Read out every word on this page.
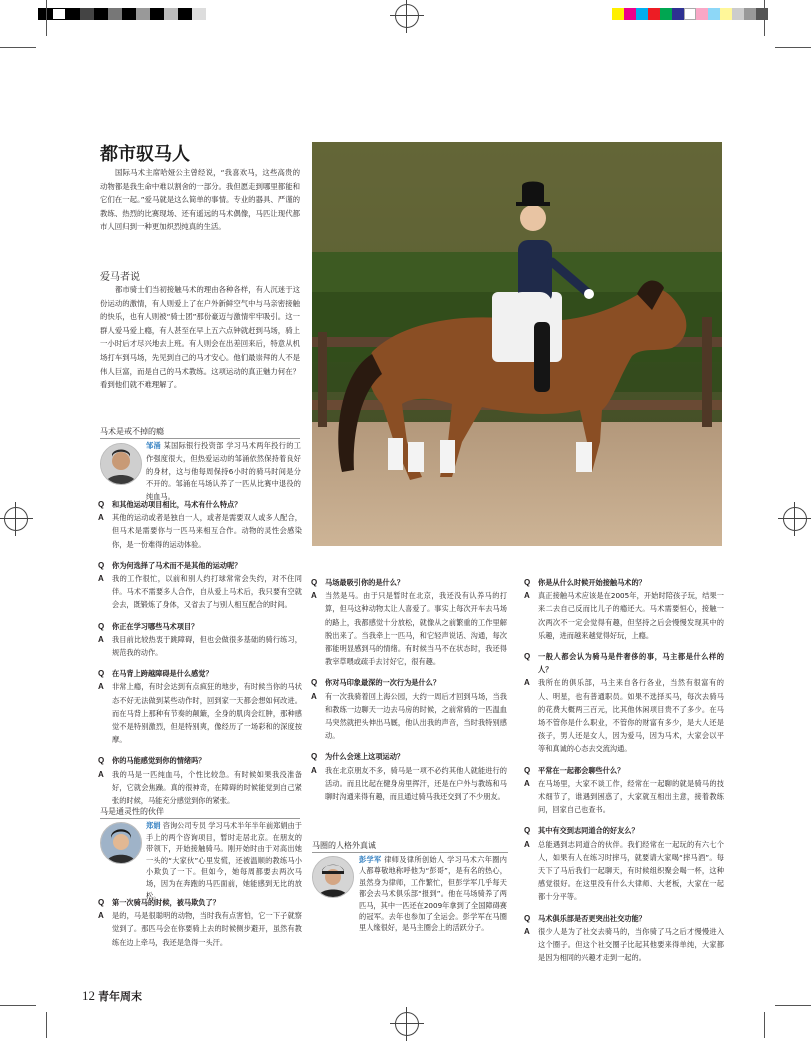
都市驭马人

国际马术主席哈娅公主曾经说，“我喜欢马，这些高贵的动物都是我生命中难以割舍的一部分。我但愿走到哪里都能和它们在一起。”爱马就是这么简单的事情。专业的器具、严谨的教练、热烈的比赛现场、还有遥远的马术偶像，马匹让现代都市人回归到一种更加炽烈纯真的生活。

爱马者说

都市骑士们当初接触马术的理由各种各样，有人沉迷于这份运动的激情，有人则爱上了在户外新鲜空气中与马亲密接触的快乐，也有人则被“骑士团”那份豪迈与激情牢牢吸引。这一群人爱马爱上瘾，有人甚至在早上五六点钟就赶到马场，骑上一小时后才尽兴地去上班。有人则会在出差回来后，特意从机场打车到马场，先见到自己的马才安心。他们最崇拜的人不是伟人巨富，而是自己的马术教练。这项运动的真正魅力何在？看到他们就不难理解了。

马术是戒不掉的瘾

邹涌 某国际银行投资部 学习马术两年投行的工作强度很大，但热爱运动的邹涌依然保持着良好的身材，这与他每周保持6小时的骑马时间是分不开的。邹涌在马场认养了一匹从比赛中退役的纯血马。

Q	和其他运动项目相比，马术有什么特点？
A	其他的运动或者是独自一人，或者是需要双人或多人配合，但马术是需要你与一匹马来相互合作。动物的灵性会感染你，是一份难得的运动体验。
Q	你为何选择了马术而不是其他的运动呢？
A	我的工作很忙，以前和别人约打球常常会失约，对不住同伴。马术不需要多人合作，自从爱上马术后，我只要有空就会去，既锻炼了身体，又省去了与别人相互配合的时间。
Q	你正在学习哪些马术项目？
A	我目前比较热衷于跳障碍，但也会做很多基础的骑行练习，规范我的动作。
Q	在马背上跨越障碍是什么感觉？
A	非常上瘾，有时会达到有点疯狂的地步，有时候当你的马状态不好无法做到某些动作时，回到家一天都会想如何改进。而在马背上那种有节奏的颠簸，全身的肌肉会红肿，那种感觉不是特别激烈，但是特别爽，像经历了一场彩和的深度按摩。
Q	你的马能感觉到你的情绪吗？
A	我的马是一匹纯血马，个性比较急。有时候如果我没准备好，它就会焦躁。真的很神奇，在障碍的时候能觉到自己紧张的时候，马能充分感觉到你的紧张。
马是通灵性的伙伴

郑娟 咨询公司专员 学习马术半年半年前郑娟由于手上的两个咨询项目，暂时走居北京。在朋友的带领下，开始接触骑马。刚开始时由于对高出她一头的“大家伙”心里发慌，还被温顺的教练马小小欺负了一下。但如今，她每周都要去两次马场，因为在奔跑的马匹面前，她能感到无比的放松。

Q	第一次骑马的时候，被马欺负了？
A	是的，马是很聪明的动物，当时我有点害怕，它一下子就察觉到了。那匹马会在你要骑上去的时候侧步避开，虽然有教练在边上牵马，我还是急得一头汗。
Q	马场最吸引你的是什么？
A	当然是马。由于只是暂时在北京，我还没有认养马的打算，但马这种动物太让人喜爱了。事实上每次开车去马场的路上，我都感觉十分放松，就像从之前繁重的工作里解脱出来了。当我牵上一匹马，和它轻声说话、沟通，每次都能明显感到马的情绪。有时候当马不在状态时，我还得教宰草喂或疏手去讨好它，很有趣。
Q	你对马印象最深的一次行为是什么？
A	有一次我骑着回上海公园，大约一周后才回到马场，当我和教练一边聊天一边去马房的时候，之前常骑的一匹温血马突然就把头伸出马厩，他认出我的声音，当时我特别感动。
Q	为什么会迷上这项运动？
A	我在北京朋友不多，骑马是一项不必约其他人就能进行的活动。而且比起在健身房里挥汗，还是在户外与教练和马聊时沟通来得有趣，而且通过骑马我还交到了不少朋友。
马圈的人格外真诚

彭学军 律师及律所创始人 学习马术六年圈内人都尊敬地称呼他为“彭哥”，是有名的热心，虽然身为律师，工作繁忙，但彭学军几乎每天都会去马术俱乐部“报到”。他在马场骑养了两匹马，其中一匹还在2009年拿到了全国障碍赛的冠军。去年也参加了全运会。彭学军在马圈里人缘很好，是马主圈会上的活跃分子。

Q	你是从什么时候开始接触马术的？
A	真正接触马术应该是在2005年，开始时陪孩子玩，结果一来二去自己反而比儿子的瘾还大。马术需要恒心，接触一次两次不一定会觉得有趣，但坚持之后会慢慢发现其中的乐趣，进而越来越觉得好玩，上瘾。
Q	一般人都会认为骑马是件奢侈的事，马主都是什么样的人？
A	我所在的俱乐部，马主来自各行各业，当然有很富有的人、明星，也有普通职员。如果不选择买马，每次去骑马的花费大概两三百元，比其他休闲项目贵不了多少。在马场不管你是什么职业，不管你的财富有多少，是大人还是孩子，男人还是女人，因为爱马，因为马术，大家会以平等和真诚的心态去交流沟通。
Q	平常在一起都会聊些什么？
A	在马场里，大家不谈工作，经常在一起聊的就是骑马的技术细节了，谁遇到困惑了，大家就互相出主意，接着教练问，回家自己也查书。
Q	其中有交到志同道合的好友么？
A	总能遇到志同道合的伙伴。我们经常在一起玩的有六七个人，如果有人在练习时摔马，就要请大家喝“摔马酒”。每天下了马后我们一起聊天，有时候组织聚会喝一杯，这种感觉很好。在这里没有什么大律师、大老板，大家在一起都十分平等。
Q	马术俱乐部是否更突出社交功能？
A	很少人是为了社交去骑马的，当你骑了马之后才慢慢进入这个圈子。但这个社交圈子比起其他要来得单纯，大家都是因为相同的兴趣才走到一起的。
12 青年周末
